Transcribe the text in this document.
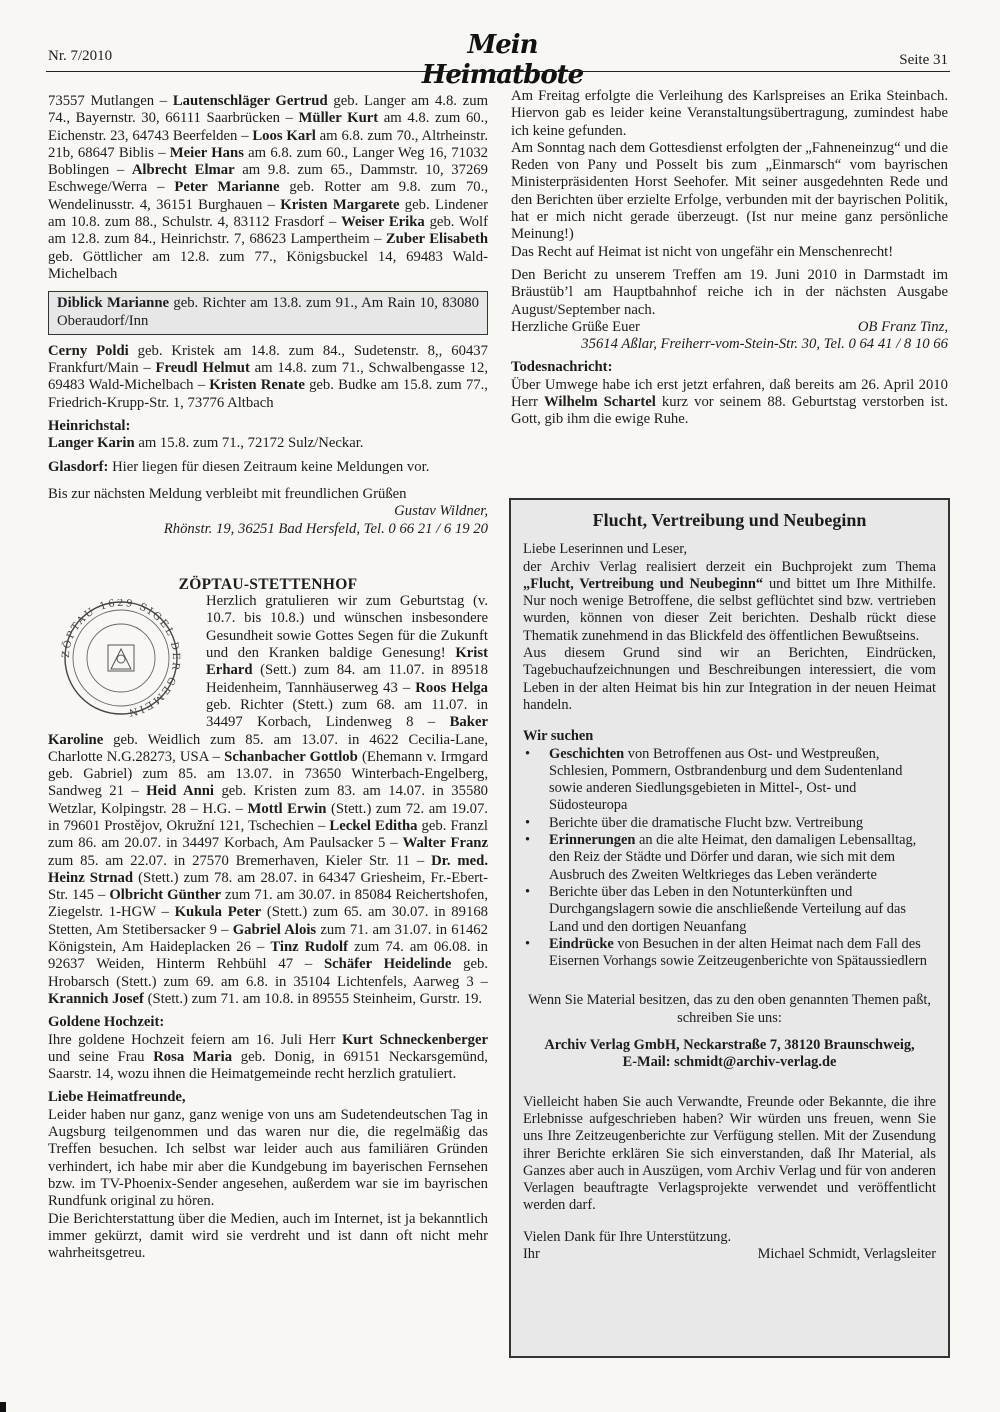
Nr. 7/2010	Mein Heimatbote	Seite 31

73557 Mutlangen – Lautenschläger Gertrud geb. Langer am 4.8. zum 74., Bayernstr. 30, 66111 Saarbrücken – Müller Kurt am 4.8. zum 60., Eichenstr. 23, 64743 Beerfelden – Loos Karl am 6.8. zum 70., Altrheinstr. 21b, 68647 Biblis – Meier Hans am 6.8. zum 60., Langer Weg 16, 71032 Boblingen – Albrecht Elmar am 9.8. zum 65., Dammstr. 10, 37269 Eschwege/Werra – Peter Marianne geb. Rotter am 9.8. zum 70., Wendelinusstr. 4, 36151 Burghauen – Kristen Margarete geb. Lindener am 10.8. zum 88., Schulstr. 4, 83112 Frasdorf – Weiser Erika geb. Wolf am 12.8. zum 84., Heinrichstr. 7, 68623 Lampertheim – Zuber Elisabeth geb. Göttlicher am 12.8. zum 77., Königsbuckel 14, 69483 Wald-Michelbach

Diblick Marianne geb. Richter am 13.8. zum 91., Am Rain 10, 83080 Oberaudorf/Inn

Cerny Poldi geb. Kristek am 14.8. zum 84., Sudetenstr. 8,, 60437 Frankfurt/Main – Freudl Helmut am 14.8. zum 71., Schwalbengasse 12, 69483 Wald-Michelbach – Kristen Renate geb. Budke am 15.8. zum 77., Friedrich-Krupp-Str. 1, 73776 Altbach

Heinrichstal:

Langer Karin am 15.8. zum 71., 72172 Sulz/Neckar.

Glasdorf: Hier liegen für diesen Zeitraum keine Meldungen vor.

Bis zur nächsten Meldung verbleibt mit freundlichen Grüßen

Gustav Wildner,

Rhönstr. 19, 36251 Bad Hersfeld, Tel. 0 66 21 / 6 19 20

ZÖPTAU-STETTENHOF

ZÖPTAU 1629 SIGEL DER GEMEIN

Herzlich gratulieren wir zum Geburtstag (v. 10.7. bis 10.8.) und wünschen insbesondere Gesundheit sowie Gottes Segen für die Zukunft und den Kranken baldige Genesung! Krist Erhard (Sett.) zum 84. am 11.07. in 89518 Heidenheim, Tannhäuserweg 43 – Roos Helga geb. Richter (Stett.) zum 68. am 11.07. in 34497 Korbach, Lindenweg 8 – Baker Karoline geb. Weidlich zum 85. am 13.07. in 4622 Cecilia-Lane, Charlotte N.G.28273, USA – Schanbacher Gottlob (Ehemann v. Irmgard geb. Gabriel) zum 85. am 13.07. in 73650 Winterbach-Engelberg, Sandweg 21 – Heid Anni geb. Kristen zum 83. am 14.07. in 35580 Wetzlar, Kolpingstr. 28 – H.G. – Mottl Erwin (Stett.) zum 72. am 19.07. in 79601 Prostějov, Okružní 121, Tschechien – Leckel Editha geb. Franzl zum 86. am 20.07. in 34497 Korbach, Am Paulsacker 5 – Walter Franz zum 85. am 22.07. in 27570 Bremerhaven, Kieler Str. 11 – Dr. med. Heinz Strnad (Stett.) zum 78. am 28.07. in 64347 Griesheim, Fr.-Ebert-Str. 145 – Olbricht Günther zum 71. am 30.07. in 85084 Reichertshofen, Ziegelstr. 1-HGW – Kukula Peter (Stett.) zum 65. am 30.07. in 89168 Stetten, Am Stetibersacker 9 – Gabriel Alois zum 71. am 31.07. in 61462 Königstein, Am Haideplacken 26 – Tinz Rudolf zum 74. am 06.08. in 92637 Weiden, Hinterm Rehbühl 47 – Schäfer Heidelinde geb. Hrobarsch (Stett.) zum 69. am 6.8. in 35104 Lichtenfels, Aarweg 3 – Krannich Josef (Stett.) zum 71. am 10.8. in 89555 Steinheim, Gurstr. 19.

Goldene Hochzeit:

Ihre goldene Hochzeit feiern am 16. Juli Herr Kurt Schneckenberger und seine Frau Rosa Maria geb. Donig, in 69151 Neckarsgemünd, Saarstr. 14, wozu ihnen die Heimatgemeinde recht herzlich gratuliert.

Liebe Heimatfreunde,

Leider haben nur ganz, ganz wenige von uns am Sudetendeutschen Tag in Augsburg teilgenommen und das waren nur die, die regelmäßig das Treffen besuchen. Ich selbst war leider auch aus familiären Gründen verhindert, ich habe mir aber die Kundgebung im bayerischen Fernsehen bzw. im TV-Phoenix-Sender angesehen, außerdem war sie im bayrischen Rundfunk original zu hören.

Die Berichterstattung über die Medien, auch im Internet, ist ja bekanntlich immer gekürzt, damit wird sie verdreht und ist dann oft nicht mehr wahrheitsgetreu.

Am Freitag erfolgte die Verleihung des Karlspreises an Erika Steinbach. Hiervon gab es leider keine Veranstaltungsübertragung, zumindest habe ich keine gefunden.

Am Sonntag nach dem Gottesdienst erfolgten der „Fahneneinzug“ und die Reden von Pany und Posselt bis zum „Einmarsch“ vom bayrischen Ministerpräsidenten Horst Seehofer. Mit seiner ausgedehnten Rede und den Berichten über erzielte Erfolge, verbunden mit der bayrischen Politik, hat er mich nicht gerade überzeugt. (Ist nur meine ganz persönliche Meinung!)

Das Recht auf Heimat ist nicht von ungefähr ein Menschenrecht!

Den Bericht zu unserem Treffen am 19. Juni 2010 in Darmstadt im Bräustüb’l am Hauptbahnhof reiche ich in der nächsten Ausgabe August/September nach.

Herzliche Grüße Euer	OB Franz Tinz,

35614 Aßlar, Freiherr-vom-Stein-Str. 30, Tel. 0 64 41 / 8 10 66

Todesnachricht:

Über Umwege habe ich erst jetzt erfahren, daß bereits am 26. April 2010 Herr Wilhelm Schartel kurz vor seinem 88. Geburtstag verstorben ist. Gott, gib ihm die ewige Ruhe.

Flucht, Vertreibung und Neubeginn

Liebe Leserinnen und Leser,

der Archiv Verlag realisiert derzeit ein Buchprojekt zum Thema „Flucht, Vertreibung und Neubeginn“ und bittet um Ihre Mithilfe. Nur noch wenige Betroffene, die selbst geflüchtet sind bzw. vertrieben wurden, können von dieser Zeit berichten. Deshalb rückt diese Thematik zunehmend in das Blickfeld des öffentlichen Bewußtseins.

Aus diesem Grund sind wir an Berichten, Eindrücken, Tagebuchaufzeichnungen und Beschreibungen interessiert, die vom Leben in der alten Heimat bis hin zur Integration in der neuen Heimat handeln.

Wir suchen

• Geschichten von Betroffenen aus Ost- und Westpreußen, Schlesien, Pommern, Ostbrandenburg und dem Sudentenland sowie anderen Siedlungsgebieten in Mittel-, Ost- und Südosteuropa
• Berichte über die dramatische Flucht bzw. Vertreibung
• Erinnerungen an die alte Heimat, den damaligen Lebensalltag, den Reiz der Städte und Dörfer und daran, wie sich mit dem Ausbruch des Zweiten Weltkrieges das Leben veränderte
• Berichte über das Leben in den Notunterkünften und Durchgangslagern sowie die anschließende Verteilung auf das Land und den dortigen Neuanfang
• Eindrücke von Besuchen in der alten Heimat nach dem Fall des Eisernen Vorhangs sowie Zeitzeugenberichte von Spätaussiedlern

Wenn Sie Material besitzen, das zu den oben genannten Themen paßt, schreiben Sie uns:

Archiv Verlag GmbH, Neckarstraße 7, 38120 Braunschweig,

E-Mail: schmidt@archiv-verlag.de

Vielleicht haben Sie auch Verwandte, Freunde oder Bekannte, die ihre Erlebnisse aufgeschrieben haben? Wir würden uns freuen, wenn Sie uns Ihre Zeitzeugenberichte zur Verfügung stellen. Mit der Zusendung ihrer Berichte erklären Sie sich einverstanden, daß Ihr Material, als Ganzes aber auch in Auszügen, vom Archiv Verlag und für von anderen Verlagen beauftragte Verlagsprojekte verwendet und veröffentlicht werden darf.

Vielen Dank für Ihre Unterstützung.

Ihr	Michael Schmidt, Verlagsleiter
